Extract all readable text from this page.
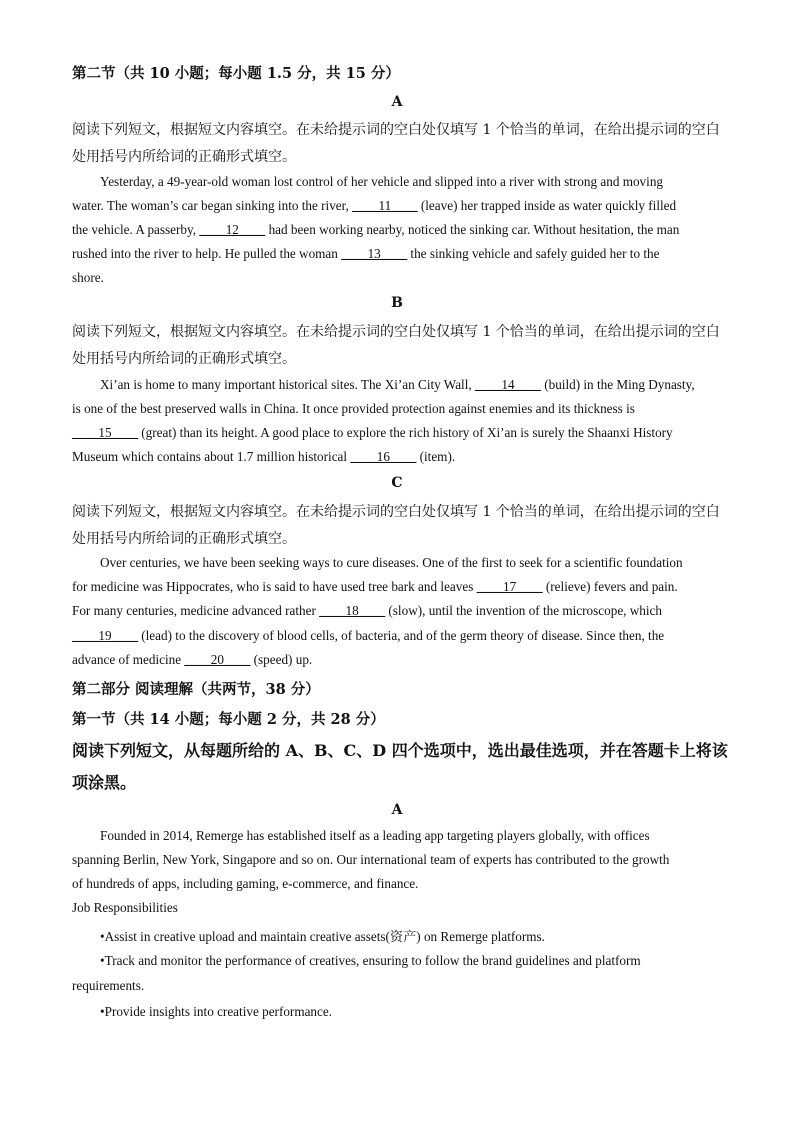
第二节（共 10 小题；每小题 1.5 分，共 15 分）
A
阅读下列短文，根据短文内容填空。在未给提示词的空白处仅填写 1 个恰当的单词，在给出提示词的空白
处用括号内所给词的正确形式填空。
Yesterday, a 49-year-old woman lost control of her vehicle and slipped into a river with strong and moving
water. The woman’s car began sinking into the river, ____11____ (leave) her trapped inside as water quickly filled
the vehicle. A passerby, ____12____ had been working nearby, noticed the sinking car. Without hesitation, the man
rushed into the river to help. He pulled the woman ____13____ the sinking vehicle and safely guided her to the
shore.
B
阅读下列短文，根据短文内容填空。在未给提示词的空白处仅填写 1 个恰当的单词，在给出提示词的空白
处用括号内所给词的正确形式填空。
Xi’an is home to many important historical sites. The Xi’an City Wall, ____14____ (build) in the Ming Dynasty,
is one of the best preserved walls in China. It once provided protection against enemies and its thickness is
____15____ (great) than its height. A good place to explore the rich history of Xi’an is surely the Shaanxi History
Museum which contains about 1.7 million historical ____16____ (item).
C
阅读下列短文，根据短文内容填空。在未给提示词的空白处仅填写 1 个恰当的单词，在给出提示词的空白
处用括号内所给词的正确形式填空。
Over centuries, we have been seeking ways to cure diseases. One of the first to seek for a scientific foundation
for medicine was Hippocrates, who is said to have used tree bark and leaves ____17____ (relieve) fevers and pain.
For many centuries, medicine advanced rather ____18____ (slow), until the invention of the microscope, which
____19____ (lead) to the discovery of blood cells, of bacteria, and of the germ theory of disease. Since then, the
advance of medicine ____20____ (speed) up.
第二部分 阅读理解（共两节，38 分）
第一节（共 14 小题；每小题 2 分，共 28 分）
阅读下列短文，从每题所给的 A、B、C、D 四个选项中，选出最佳选项，并在答题卡上将该
项涂黑。
A
Founded in 2014, Remerge has established itself as a leading app targeting players globally, with offices
spanning Berlin, New York, Singapore and so on. Our international team of experts has contributed to the growth
of hundreds of apps, including gaming, e-commerce, and finance.
Job Responsibilities
•Assist in creative upload and maintain creative assets(资产) on Remerge platforms.
•Track and monitor the performance of creatives, ensuring to follow the brand guidelines and platform
requirements.
•Provide insights into creative performance.
